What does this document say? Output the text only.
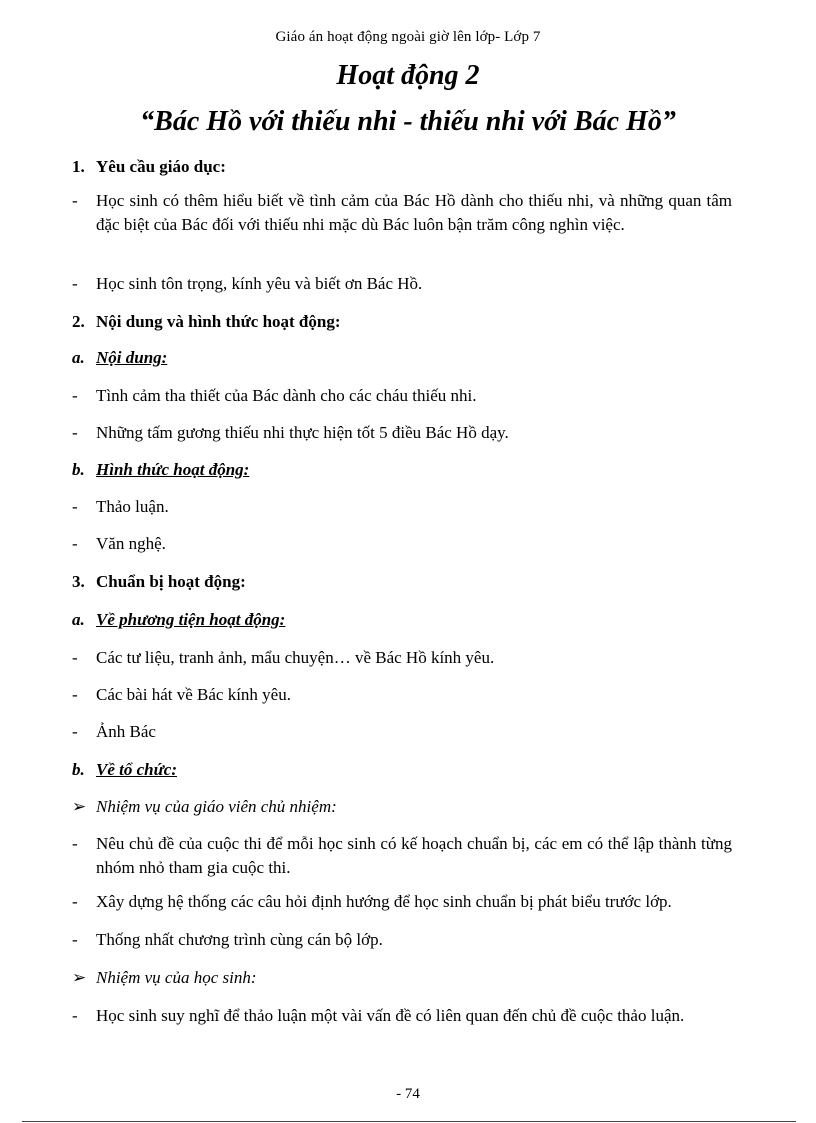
Giáo án hoạt động ngoài giờ lên lớp- Lớp 7
Hoạt động 2
“Bác Hồ với thiếu nhi - thiếu nhi với Bác Hồ”
1. Yêu cầu giáo dục:
- Học sinh có thêm hiểu biết về tình cảm của Bác Hồ dành cho thiếu nhi, và những quan tâm đặc biệt của Bác đối với thiếu nhi mặc dù Bác luôn bận trăm công nghìn việc.
- Học sinh tôn trọng, kính yêu và biết ơn Bác Hồ.
2. Nội dung và hình thức hoạt động:
a. Nội dung:
- Tình cảm tha thiết của Bác dành cho các cháu thiếu nhi.
- Những tấm gương thiếu nhi thực hiện tốt 5 điều Bác Hồ dạy.
b. Hình thức hoạt động:
- Thảo luận.
- Văn nghệ.
3. Chuẩn bị hoạt động:
a. Về phương tiện hoạt động:
- Các tư liệu, tranh ảnh, mẩu chuyện… về Bác Hồ kính yêu.
- Các bài hát về Bác kính yêu.
- Ảnh Bác
b. Về tổ chức:
➢ Nhiệm vụ của giáo viên chủ nhiệm:
- Nêu chủ đề của cuộc thi để mỗi học sinh có kế hoạch chuẩn bị, các em có thể lập thành từng nhóm nhỏ tham gia cuộc thi.
- Xây dựng hệ thống các câu hỏi định hướng để học sinh chuẩn bị phát biểu trước lớp.
- Thống nhất chương trình cùng cán bộ lớp.
➢ Nhiệm vụ của học sinh:
- Học sinh suy nghĩ để thảo luận một vài vấn đề có liên quan đến chủ đề cuộc thảo luận.
- 74
